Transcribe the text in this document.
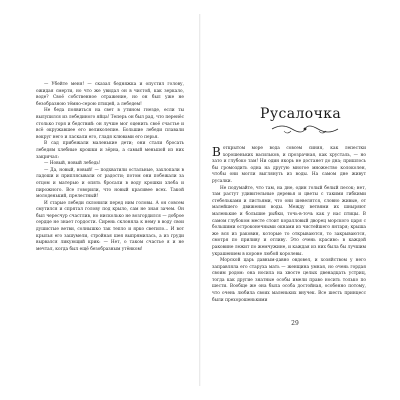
— Убейте меня! — сказал бедняжка и опустил голову, ожидая смерти, но что же увидал он в чистой, как зеркало, воде? Своё собственное отражение, но он был уже не безобразною тёмно-серою птицей, а лебедем!

Не беда появиться на свет в утином гнезде, если ты вылупился из лебединого яйца! Теперь он был рад, что перенёс столько горя и бедствий: он лучше мог оценить своё счастье и всё окружавшее его великолепие. Большие лебеди плавали вокруг него и ласкали его, гладя клювами его перья.

В сад прибежали маленькие дети; они стали бросать лебедям хлебные крошки и зёрна, а самый меньшой из них закричал:

— Новый, новый лебедь!

— Да, новый, новый! — подхватили остальные, захлопали в ладоши и приплясывали от радости; потом они побежали за отцом и матерью и опять бросали в воду крошки хлеба и пирожного. Все говорили, что новый красивее всех. Такой молоденький, прелестный!

И старые лебеди склонили перед ним головы. А он совсем смутился и спрятал голову под крыло, сам не зная зачем. Он был чересчур счастлив, но нисколько не возгордился — доброе сердце не знает гордости. Сирень склоняла к нему в воду свои душистые ветви, солнышко так тепло и ярко светило... И вот крылья его зашумели, стройная шея выпрямилась, а из груди вырвался ликующий крик: — Нет, о таком счастье я и не мечтал, когда был ещё безобразным утёнком!

Русалочка

Воткрытом море вода совсем синяя, как лепестки хорошеньких васильков, и прозрачная, как хрусталь, — но зато и глубоко там! Ни один якорь не достанет до дна; пришлось бы громоздить одна на другую многое множество колоколен, чтобы они могли выглянуть из воды. На самом дне живут русалки.

Не подумайте, что там, на дне, один голый белый песок; нет, там растут удивительные деревья и цветы с такими гибкими стебельками и листьями, что они шевелятся, словно живые, от малейшего движения воды. Между ветвями их шныряют маленькие и большие рыбки, точь-в-точь как у нас птицы. В самом глубоком месте стоит коралловый дворец морского царя с большими остроконечными окнами из чистейшего янтаря; крыша же вся из раковин, которые то открываются, то закрываются, смотря по приливу и отливу. Это очень красиво: в каждой раковине лежит по жемчужине, и каждая из них была бы лучшим украшением в короне любой королевы.

Морской царь давным-давно овдовел, и хозяйством у него заправляла его старуха мать — женщина умная, но очень гордая своим родом: она носила на хвосте целых двенадцать устриц, тогда как другие знатные особы имели право носить только по шести. Вообще же она была особа достойная, особенно потому, что очень любила своих маленьких внучек. Все шесть принцесс были прехорошенькими

29
